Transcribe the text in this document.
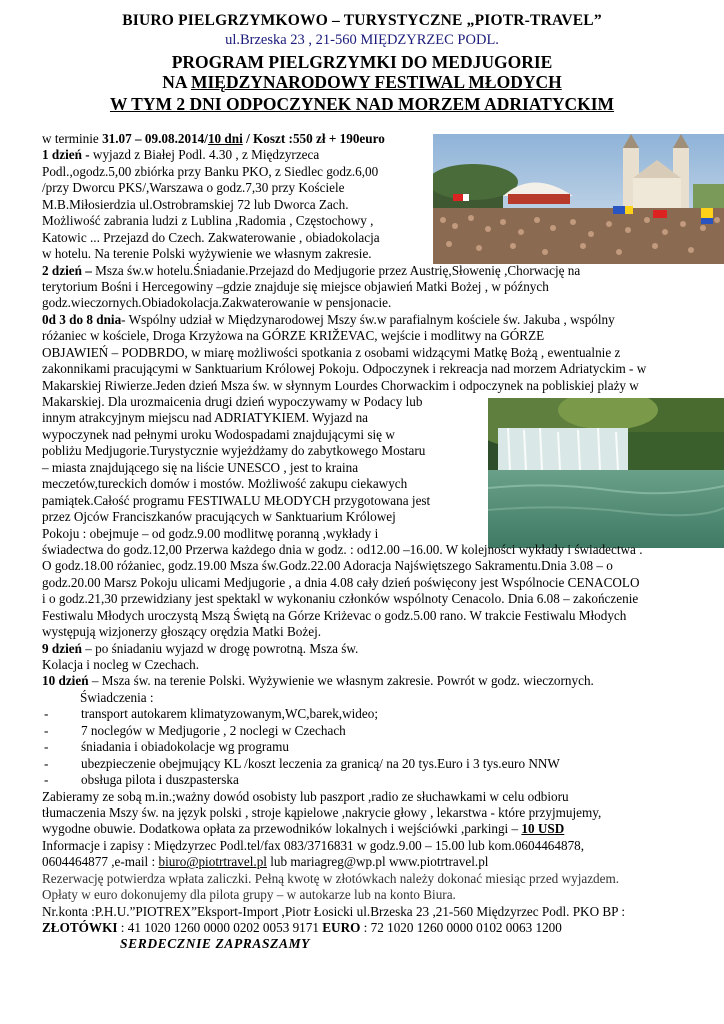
BIURO PIELGRZYMKOWO – TURYSTYCZNE „PIOTR-TRAVEL”
ul.Brzeska 23 , 21-560 MIĘDZYRZEC PODL.
PROGRAM PIELGRZYMKI DO MEDJUGORIE
NA MIĘDZYNARODOWY FESTIWAL MŁODYCH
W TYM 2 DNI ODPOCZYNEK NAD MORZEM ADRIATYCKIM
w terminie 31.07 – 09.08.2014/10 dni / Koszt :550 zł + 190euro
1 dzień - wyjazd z Białej Podl. 4.30 , z Międzyrzeca
Podl.,ogodz.5,00 zbiórka przy Banku PKO, z Siedlec godz.6,00
/przy Dworcu PKS/,Warszawa o godz.7,30 przy Kościele
M.B.Miłosierdzia ul.Ostrobramskiej 72 lub Dworca Zach.
Możliwość zabrania ludzi z Lublina ,Radomia , Częstochowy ,
Katowic ... Przejazd do Czech. Zakwaterowanie , obiadokolacja
w hotelu. Na terenie Polski wyżywienie we własnym zakresie.
2 dzień – Msza św.w hotelu.Śniadanie.Przejazd do Medjugorie przez Austrię,Słowenię ,Chorwację na
terytorium Bośni i Hercegowiny –gdzie znajduje się miejsce objawień Matki Bożej , w późnych
godz.wieczornych.Obiadokolacja.Zakwaterowanie w pensjonacie.
0d 3 do 8 dnia- Wspólny udział w Międzynarodowej Mszy św.w parafialnym kościele św. Jakuba , wspólny
różaniec w kościele, Droga Krzyżowa na GÓRZE KRIŽEVAC, wejście i modlitwy na GÓRZE
OBJAWIEŃ – PODBRDO, w miarę możliwości spotkania z osobami widzącymi Matkę Bożą , ewentualnie z
zakonnikami pracującymi w Sanktuarium Królowej Pokoju. Odpoczynek i rekreacja nad morzem Adriatyckim - w
Makarskiej Riwierze.Jeden dzień Msza św. w słynnym Lourdes Chorwackim i odpoczynek na pobliskiej plaży w
Makarskiej. Dla urozmaicenia drugi dzień wypoczywamy w Podacy lub
innym atrakcyjnym miejscu nad ADRIATYKIEM. Wyjazd na
wypoczynek nad pełnymi uroku Wodospadami znajdującymi się w
pobliżu Medjugorie.Turystycznie wyjeżdżamy do zabytkowego Mostaru
– miasta znajdującego się na liście UNESCO , jest to kraina
meczetów,tureckich domów i mostów. Możliwość zakupu ciekawych
pamiątek.Całość programu FESTIWALU MŁODYCH przygotowana jest
przez Ojców Franciszkanów pracujących w Sanktuarium Królowej
Pokoju : obejmuje – od godz.9.00 modlitwę poranną ,wykłady i
świadectwa do godz.12,00 Przerwa każdego dnia w godz. : od12.00 –16.00. W kolejności wykłady i świadectwa .
O godz.18.00 różaniec, godz.19.00 Msza św.Godz.22.00 Adoracja Najświętszego Sakramentu.Dnia 3.08 – o
godz.20.00 Marsz Pokoju ulicami Medjugorie , a dnia 4.08 cały dzień poświęcony jest Wspólnocie CENACOLO
i o godz.21,30 przewidziany jest spektakl w wykonaniu członków wspólnoty Cenacolo. Dnia 6.08 – zakończenie
Festiwalu Młodych uroczystą Mszą Świętą na Górze Kriżevac o godz.5.00 rano. W trakcie Festiwalu Młodych
występują wizjonerzy głoszący orędzia Matki Bożej.
9 dzień – po śniadaniu wyjazd w drogę powrotną. Msza św.
Kolacja i nocleg w Czechach.
10 dzień – Msza św. na terenie Polski. Wyżywienie we własnym zakresie. Powrót w godz. wieczornych.
Świadczenia :
- transport autokarem klimatyzowanym,WC,barek,wideo;
- 7 noclegów w Medjugorie , 2 noclegi w Czechach
- śniadania i obiadokolacje wg programu
- ubezpieczenie obejmujący KL /koszt leczenia za granicą/ na 20 tys.Euro i 3 tys.euro NNW
- obsługa pilota i duszpasterska
Zabieramy ze sobą m.in.;ważny dowód osobisty lub paszport ,radio ze słuchawkami w celu odbioru
tłumaczenia Mszy św. na język polski , stroje kąpielowe ,nakrycie głowy , lekarstwa - które przyjmujemy,
wygodne obuwie. Dodatkowa opłata za przewodników lokalnych i wejściówki ,parkingi – 10 USD
Informacje i zapisy : Międzyrzec Podl.tel/fax 083/3716831 w godz.9.00 – 15.00 lub kom.0604464878,
0604464877 ,e-mail : biuro@piotrtravel.pl lub mariagreg@wp.pl www.piotrtravel.pl
Rezerwację potwierdza wpłata zaliczki. Pełną kwotę w złotówkach należy dokonać miesiąc przed wyjazdem.
Opłaty w euro dokonujemy dla pilota grupy – w autokarze lub na konto Biura.
Nr.konta :P.H.U.”PIOTREX”Eksport-Import ,Piotr Łosicki ul.Brzeska 23 ,21-560 Międzyrzec Podl. PKO BP :
ZŁOTÓWKI : 41 1020 1260 0000 0202 0053 9171 EURO : 72 1020 1260 0000 0102 0063 1200
SERDECZNIE ZAPRASZAMY
